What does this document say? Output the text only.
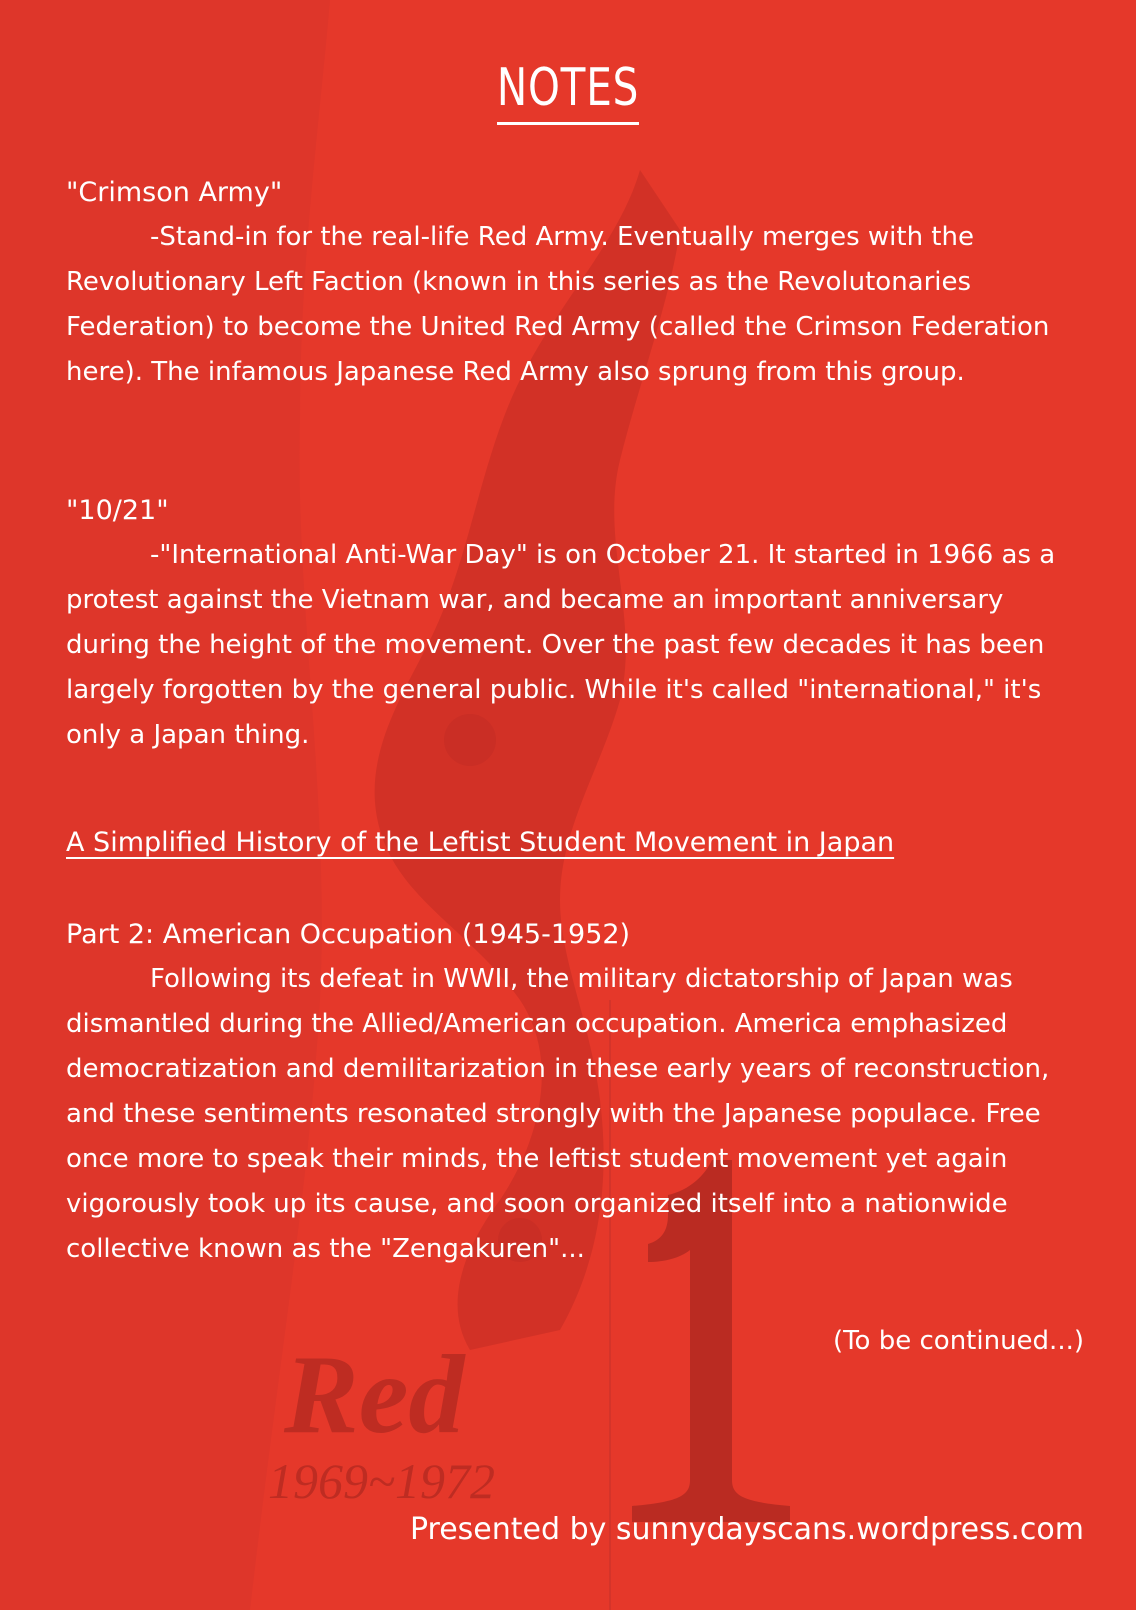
Red
1969~1972
NOTES
"Crimson Army"
-Stand-in for the real-life Red Army. Eventually merges with the Revolutionary Left Faction (known in this series as the Revolutonaries Federation) to become the United Red Army (called the Crimson Federation here). The infamous Japanese Red Army also sprung from this group.
"10/21"
-"International Anti-War Day" is on October 21. It started in 1966 as a protest against the Vietnam war, and became an important anniversary during the height of the movement. Over the past few decades it has been largely forgotten by the general public. While it's called "international," it's only a Japan thing.
A Simplified History of the Leftist Student Movement in Japan
Part 2: American Occupation (1945-1952)
Following its defeat in WWII, the military dictatorship of Japan was dismantled during the Allied/American occupation. America emphasized democratization and demilitarization in these early years of reconstruction, and these sentiments resonated strongly with the Japanese populace. Free once more to speak their minds, the leftist student movement yet again vigorously took up its cause, and soon organized itself into a nationwide collective known as the "Zengakuren"...
(To be continued...)
Presented by sunnydayscans.wordpress.com
